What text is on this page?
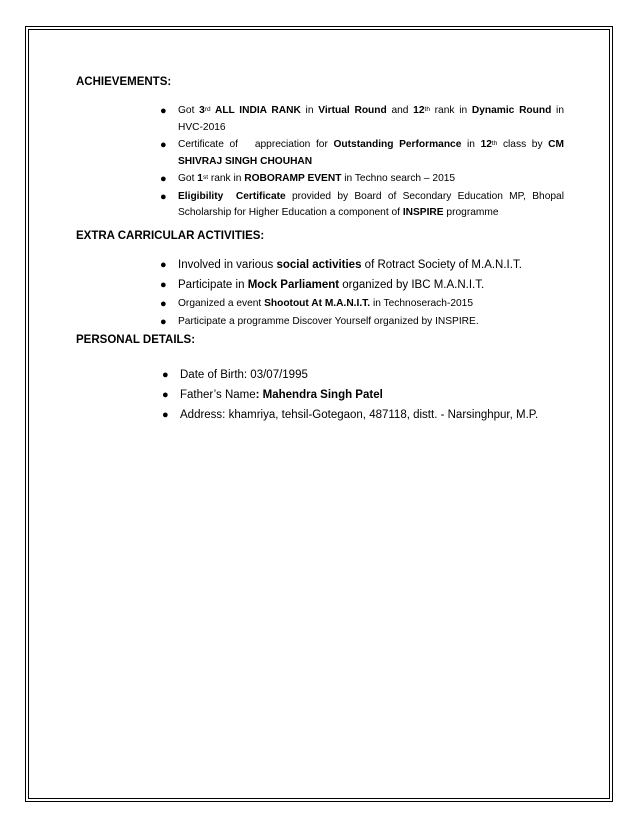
ACHIEVEMENTS:
● Got 3rd ALL INDIA RANK in Virtual Round and 12th rank in Dynamic Round in HVC-2016
● Certificate of   appreciation for Outstanding Performance in 12th class by CM SHIVRAJ SINGH CHOUHAN
● Got 1st rank in ROBORAMP EVENT in Techno search – 2015
● Eligibility  Certificate provided by Board of Secondary Education MP, Bhopal Scholarship for Higher Education a component of INSPIRE programme
EXTRA CARRICULAR ACTIVITIES:
● Involved in various social activities of Rotract Society of M.A.N.I.T.
● Participate in Mock Parliament organized by IBC M.A.N.I.T.
● Organized a event Shootout At M.A.N.I.T. in Technoserach-2015
● Participate a programme Discover Yourself organized by INSPIRE.
PERSONAL DETAILS:
● Date of Birth: 03/07/1995
● Father’s Name: Mahendra Singh Patel
● Address: khamriya, tehsil-Gotegaon, 487118, distt. - Narsinghpur, M.P.
